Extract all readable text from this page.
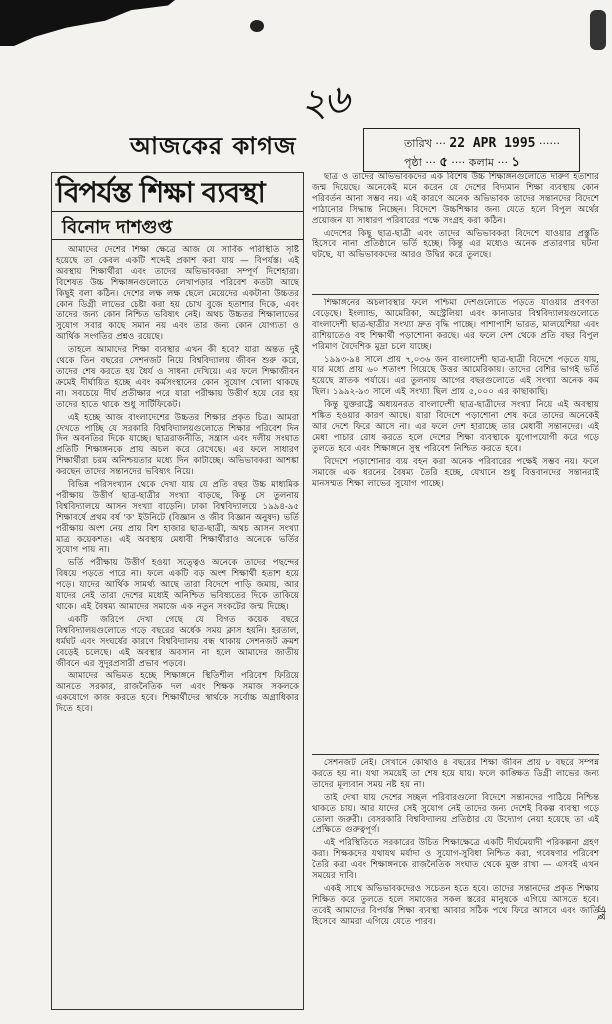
২৬
আজকের কাগজ	তারিখ ··· 22 APR 1995 ······
পৃষ্ঠা ··· ৫ ···· কলাম ··· ১
বিপর্যস্ত শিক্ষা ব্যবস্থা
বিনোদ দাশগুপ্ত

আমাদের দেশের শিক্ষা ক্ষেত্রে আজ যে সার্বিক পরিস্থিতি সৃষ্টি হয়েছে তা কেবল একটি শব্দেই প্রকাশ করা যায় — বিপর্যস্ত। এই অবস্থায় শিক্ষার্থীরা এবং তাদের অভিভাবকরা সম্পূর্ণ দিশেহারা। বিশেষত উচ্চ শিক্ষাঙ্গনগুলোতে লেখাপড়ার পরিবেশ কতটা আছে কিছুই বলা কঠিন। দেশের লক্ষ লক্ষ ছেলে মেয়েদের একটানা উচ্চতর কোন ডিগ্রী লাভের চেষ্টা করা হয় চোখ বুজে হতাশার দিকে, এবং তাদের জন্য কোন নিশ্চিত ভবিষ্যৎ নেই। অথচ উচ্চতর শিক্ষালাভের সুযোগ সবার কাছে সমান নয় এবং তার জন্য কোন যোগ্যতা ও আর্থিক সংগতির প্রশ্নও রয়েছে।

তাহলে আমাদের শিক্ষা ব্যবস্থার এখন কী হবে? যারা অন্তত দুই থেকে তিন বছরের সেশনজট নিয়ে বিশ্ববিদ্যালয় জীবন শুরু করে, তাদের শেষ করতে হয় ধৈর্য ও সাধনা দেখিয়ে। এর ফলে শিক্ষাজীবন ক্রমেই দীর্ঘায়িত হচ্ছে এবং কর্মসংস্থানের কোন সুযোগ খোলা থাকছে না। সবচেয়ে দীর্ঘ প্রতীক্ষার পরে যারা পরীক্ষায় উত্তীর্ণ হয়ে বের হয় তাদের হাতে থাকে শুধু সার্টিফিকেট।

এই হচ্ছে আজ বাংলাদেশের উচ্চতর শিক্ষার প্রকৃত চিত্র। আমরা দেখতে পাচ্ছি যে সরকারি বিশ্ববিদ্যালয়গুলোতে শিক্ষার পরিবেশ দিন দিন অবনতির দিকে যাচ্ছে। ছাত্ররাজনীতি, সন্ত্রাস এবং দলীয় সংঘাত প্রতিটি শিক্ষাঙ্গনকে প্রায় অচল করে রেখেছে। এর ফলে সাধারণ শিক্ষার্থীরা চরম অনিশ্চয়তার মধ্যে দিন কাটাচ্ছে। অভিভাবকরা আশঙ্কা করছেন তাদের সন্তানদের ভবিষ্যৎ নিয়ে।

বিভিন্ন পরিসংখ্যান থেকে দেখা যায় যে প্রতি বছর উচ্চ মাধ্যমিক পরীক্ষায় উত্তীর্ণ ছাত্র-ছাত্রীর সংখ্যা বাড়ছে, কিন্তু সে তুলনায় বিশ্ববিদ্যালয়ে আসন সংখ্যা বাড়েনি। ঢাকা বিশ্ববিদ্যালয়ে ১৯৯৪-৯৫ শিক্ষাবর্ষে প্রথম বর্ষ 'ক' ইউনিটে (বিজ্ঞান ও জীব বিজ্ঞান অনুষদ) ভর্তি পরীক্ষায় অংশ নেয় প্রায় বিশ হাজার ছাত্র-ছাত্রী, অথচ আসন সংখ্যা মাত্র কয়েকশত। এই অবস্থায় মেধাবী শিক্ষার্থীরাও অনেকে ভর্তির সুযোগ পায় না।

ভর্তি পরীক্ষায় উত্তীর্ণ হওয়া সত্ত্বেও অনেকে তাদের পছন্দের বিষয়ে পড়তে পারে না। ফলে একটি বড় অংশ শিক্ষার্থী হতাশ হয়ে পড়ে। যাদের আর্থিক সামর্থ্য আছে তারা বিদেশে পাড়ি জমায়, আর যাদের নেই তারা দেশের মধ্যেই অনিশ্চিত ভবিষ্যতের দিকে তাকিয়ে থাকে। এই বৈষম্য আমাদের সমাজে এক নতুন সংকটের জন্ম দিচ্ছে।

একটি জরিপে দেখা গেছে যে বিগত কয়েক বছরে বিশ্ববিদ্যালয়গুলোতে গড়ে বছরের অর্ধেক সময় ক্লাস হয়নি। হরতাল, ধর্মঘট এবং সংঘর্ষের কারণে বিশ্ববিদ্যালয় বন্ধ থাকায় সেশনজট ক্রমশ বেড়েই চলেছে। এই অবস্থার অবসান না হলে আমাদের জাতীয় জীবনে এর সুদূরপ্রসারী প্রভাব পড়বে।

আমাদের অভিমত হচ্ছে শিক্ষাঙ্গনে স্থিতিশীল পরিবেশ ফিরিয়ে আনতে সরকার, রাজনৈতিক দল এবং শিক্ষক সমাজ সকলকে একযোগে কাজ করতে হবে। শিক্ষার্থীদের স্বার্থকে সর্বোচ্চ অগ্রাধিকার দিতে হবে।

ছাত্র ও তাদের অভিভাবকদের এক বিশেষ উচ্চ শিক্ষাঙ্গনগুলোতে দারুণ হতাশার জন্ম দিয়েছে। অনেকেই মনে করেন যে দেশের বিদ্যমান শিক্ষা ব্যবস্থায় কোন পরিবর্তন আনা সম্ভব নয়। এই কারণে অনেক অভিভাবক তাদের সন্তানদের বিদেশে পাঠানোর সিদ্ধান্ত নিচ্ছেন। বিদেশে উচ্চশিক্ষার জন্য যেতে হলে বিপুল অর্থের প্রয়োজন যা সাধারণ পরিবারের পক্ষে সংগ্রহ করা কঠিন।

এদেশের কিছু ছাত্র-ছাত্রী এবং তাদের অভিভাবকরা বিদেশে যাওয়ার প্রস্তুতি হিসেবে নানা প্রতিষ্ঠানে ভর্তি হচ্ছে। কিন্তু এর মধ্যেও অনেক প্রতারণার ঘটনা ঘটছে, যা অভিভাবকদের আরও উদ্বিগ্ন করে তুলছে।

শিক্ষাঙ্গনের অচলাবস্থার ফলে পশ্চিমা দেশগুলোতে পড়তে যাওয়ার প্রবণতা বেড়েছে। ইংল্যান্ড, আমেরিকা, অস্ট্রেলিয়া এবং কানাডার বিশ্ববিদ্যালয়গুলোতে বাংলাদেশী ছাত্র-ছাত্রীর সংখ্যা দ্রুত বৃদ্ধি পাচ্ছে। পাশাপাশি ভারত, মালয়েশিয়া এবং রাশিয়াতেও বহু শিক্ষার্থী পড়াশোনা করছে। এর ফলে দেশ থেকে প্রতি বছর বিপুল পরিমাণ বৈদেশিক মুদ্রা চলে যাচ্ছে।

১৯৯৩-৯৪ সালে প্রায় ৭,০৩৬ জন বাংলাদেশী ছাত্র-ছাত্রী বিদেশে পড়তে যায়, যার মধ্যে প্রায় ৬০ শতাংশ গিয়েছে উত্তর আমেরিকায়। তাদের বেশির ভাগই ভর্তি হয়েছে স্নাতক পর্যায়ে। এর তুলনায় আগের বছরগুলোতে এই সংখ্যা অনেক কম ছিল। ১৯৯২-৯৩ সালে এই সংখ্যা ছিল প্রায় ৫,০০০ এর কাছাকাছি।

কিন্তু যুক্তরাষ্ট্রে অধ্যয়নরত বাংলাদেশী ছাত্র-ছাত্রীদের সংখ্যা নিয়ে এই অবস্থায় শঙ্কিত হওয়ার কারণ আছে। যারা বিদেশে পড়াশোনা শেষ করে তাদের অনেকেই আর দেশে ফিরে আসে না। এর ফলে দেশ হারাচ্ছে তার মেধাবী সন্তানদের। এই মেধা পাচার রোধ করতে হলে দেশের শিক্ষা ব্যবস্থাকে যুগোপযোগী করে গড়ে তুলতে হবে এবং শিক্ষাঙ্গনে সুস্থ পরিবেশ নিশ্চিত করতে হবে।

বিদেশে পড়াশোনার ব্যয় বহন করা অনেক পরিবারের পক্ষেই সম্ভব নয়। ফলে সমাজে এক ধরনের বৈষম্য তৈরি হচ্ছে, যেখানে শুধু বিত্তবানদের সন্তানরাই মানসম্মত শিক্ষা লাভের সুযোগ পাচ্ছে।

সেশনজট নেই। সেখানে কোথাও ৪ বছরের শিক্ষা জীবন প্রায় ৮ বছরে সম্পন্ন করতে হয় না। যথা সময়েই তা শেষ হয়ে যায়। ফলে কাঙ্ক্ষিত ডিগ্রী লাভের জন্য তাদের মূল্যবান সময় নষ্ট হয় না।

তাই দেখা যায় দেশের সচ্ছল পরিবারগুলো বিদেশে সন্তানদের পাঠিয়ে নিশ্চিন্ত থাকতে চায়। আর যাদের সেই সুযোগ নেই তাদের জন্য দেশেই বিকল্প ব্যবস্থা গড়ে তোলা জরুরী। বেসরকারি বিশ্ববিদ্যালয় প্রতিষ্ঠার যে উদ্যোগ নেয়া হয়েছে তা এই প্রেক্ষিতে গুরুত্বপূর্ণ।

এই পরিস্থিতিতে সরকারের উচিত শিক্ষাক্ষেত্রে একটি দীর্ঘমেয়াদী পরিকল্পনা গ্রহণ করা। শিক্ষকদের যথাযথ মর্যাদা ও সুযোগ-সুবিধা নিশ্চিত করা, গবেষণার পরিবেশ তৈরি করা এবং শিক্ষাঙ্গনকে রাজনৈতিক সংঘাত থেকে মুক্ত রাখা — এসবই এখন সময়ের দাবি।

একই সাথে অভিভাবকদেরও সচেতন হতে হবে। তাদের সন্তানদের প্রকৃত শিক্ষায় শিক্ষিত করে তুলতে হলে সমাজের সকল স্তরের মানুষকে এগিয়ে আসতে হবে। তবেই আমাদের বিপর্যস্ত শিক্ষা ব্যবস্থা আবার সঠিক পথে ফিরে আসবে এবং জাতি হিসেবে আমরা এগিয়ে যেতে পারব।

গ্রন্থ
